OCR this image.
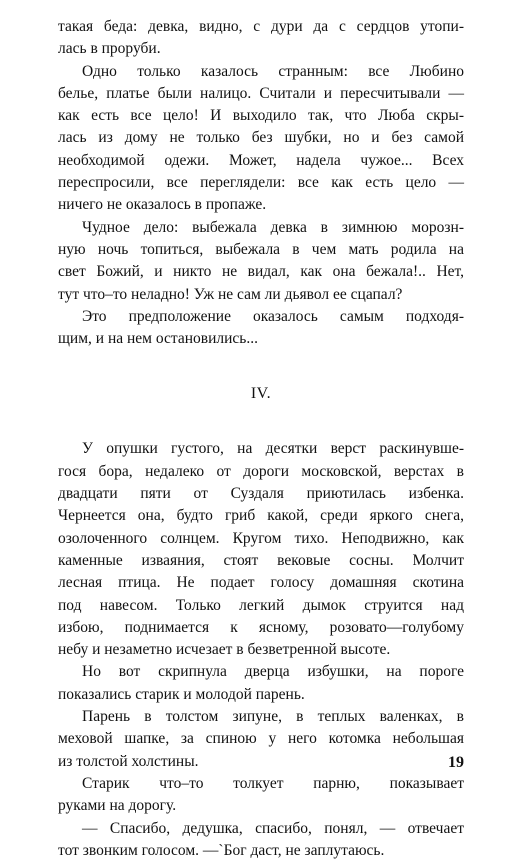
такая беда: девка, видно, с дури да с сердцов утопи-
лась в проруби.

Одно только казалось странным: все Любино
белье, платье были налицо. Считали и пересчитывали —
как есть все цело! И выходило так, что Люба скры-
лась из дому не только без шубки, но и без самой
необходимой одежи. Может, надела чужое... Всех
переспросили, все переглядели: все как есть цело —
ничего не оказалось в пропаже.

Чудное дело: выбежала девка в зимнюю морозн-
ную ночь топиться, выбежала в чем мать родила на
свет Божий, и никто не видал, как она бежала!.. Нет,
тут что–то неладно! Уж не сам ли дьявол ее сцапал?

Это предположение оказалось самым подходя-
щим, и на нем остановились...

IV.

У опушки густого, на десятки верст раскинувше-
гося бора, недалеко от дороги московской, верстах в
двадцати пяти от Суздаля приютилась избенка.
Чернеется она, будто гриб какой, среди яркого снега,
озолоченного солнцем. Кругом тихо. Неподвижно, как
каменные изваяния, стоят вековые сосны. Молчит
лесная птица. Не подает голосу домашняя скотина
под навесом. Только легкий дымок струится над
избою, поднимается к ясному, розовато—голубому
небу и незаметно исчезает в безветренной высоте.

Но вот скрипнула дверца избушки, на пороге
показались старик и молодой парень.

Парень в толстом зипуне, в теплых валенках, в
меховой шапке, за спиною у него котомка небольшая
из толстой холстины.

Старик что–то толкует парню, показывает
руками на дорогу.

— Спасибо, дедушка, спасибо, понял, — отвечает
тот звонким голосом. —`Бог даст, не заплутаюсь.

19
